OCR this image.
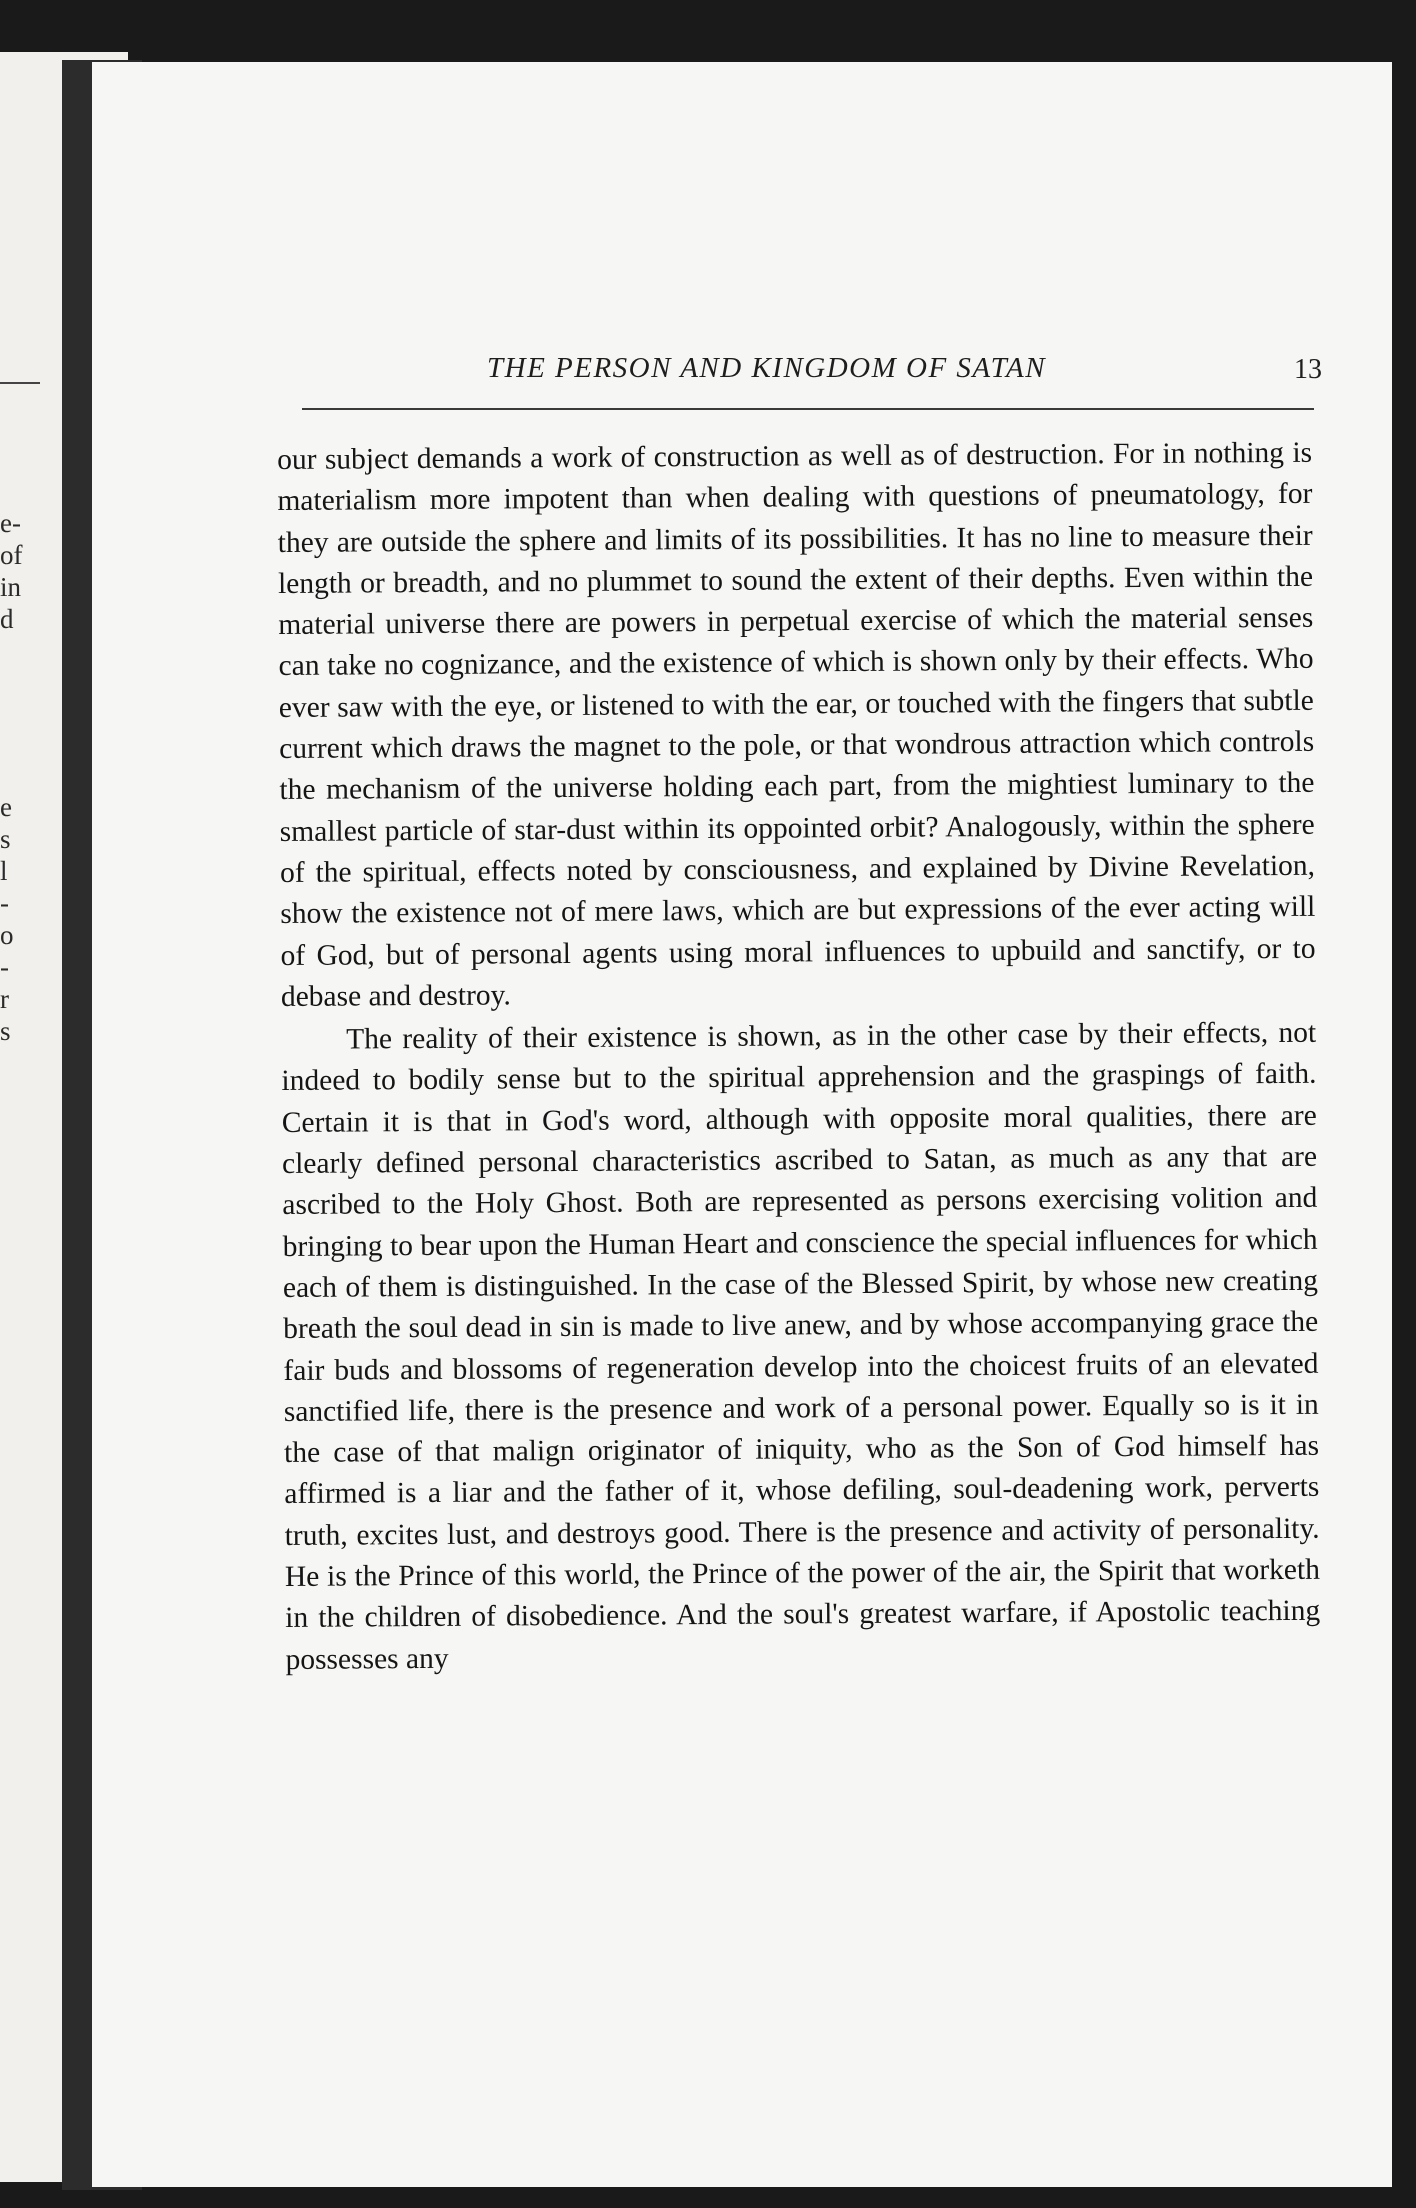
e-
of
in
d
e
s
l
-
o
-
r
s
THE PERSON AND KINGDOM OF SATAN	13

our subject demands a work of construction as well as of destruction. For in nothing is materialism more impotent than when dealing with questions of pneumatology, for they are outside the sphere and limits of its possibilities. It has no line to measure their length or breadth, and no plummet to sound the extent of their depths. Even within the material universe there are powers in perpetual exercise of which the material senses can take no cognizance, and the existence of which is shown only by their effects. Who ever saw with the eye, or listened to with the ear, or touched with the fingers that subtle current which draws the magnet to the pole, or that wondrous attraction which controls the mechanism of the universe holding each part, from the mightiest luminary to the smallest particle of star-dust within its oppointed orbit? Analogously, within the sphere of the spiritual, effects noted by consciousness, and explained by Divine Revelation, show the existence not of mere laws, which are but expressions of the ever acting will of God, but of personal agents using moral influences to upbuild and sanctify, or to debase and destroy.

The reality of their existence is shown, as in the other case by their effects, not indeed to bodily sense but to the spiritual apprehension and the graspings of faith. Certain it is that in God's word, although with opposite moral qualities, there are clearly defined personal characteristics ascribed to Satan, as much as any that are ascribed to the Holy Ghost. Both are represented as persons exercising volition and bringing to bear upon the Human Heart and conscience the special influences for which each of them is distinguished. In the case of the Blessed Spirit, by whose new creating breath the soul dead in sin is made to live anew, and by whose accompanying grace the fair buds and blossoms of regeneration develop into the choicest fruits of an elevated sanctified life, there is the presence and work of a personal power. Equally so is it in the case of that malign originator of iniquity, who as the Son of God himself has affirmed is a liar and the father of it, whose defiling, soul-deadening work, perverts truth, excites lust, and destroys good. There is the presence and activity of personality. He is the Prince of this world, the Prince of the power of the air, the Spirit that worketh in the children of disobedience. And the soul's greatest warfare, if Apostolic teaching possesses any
